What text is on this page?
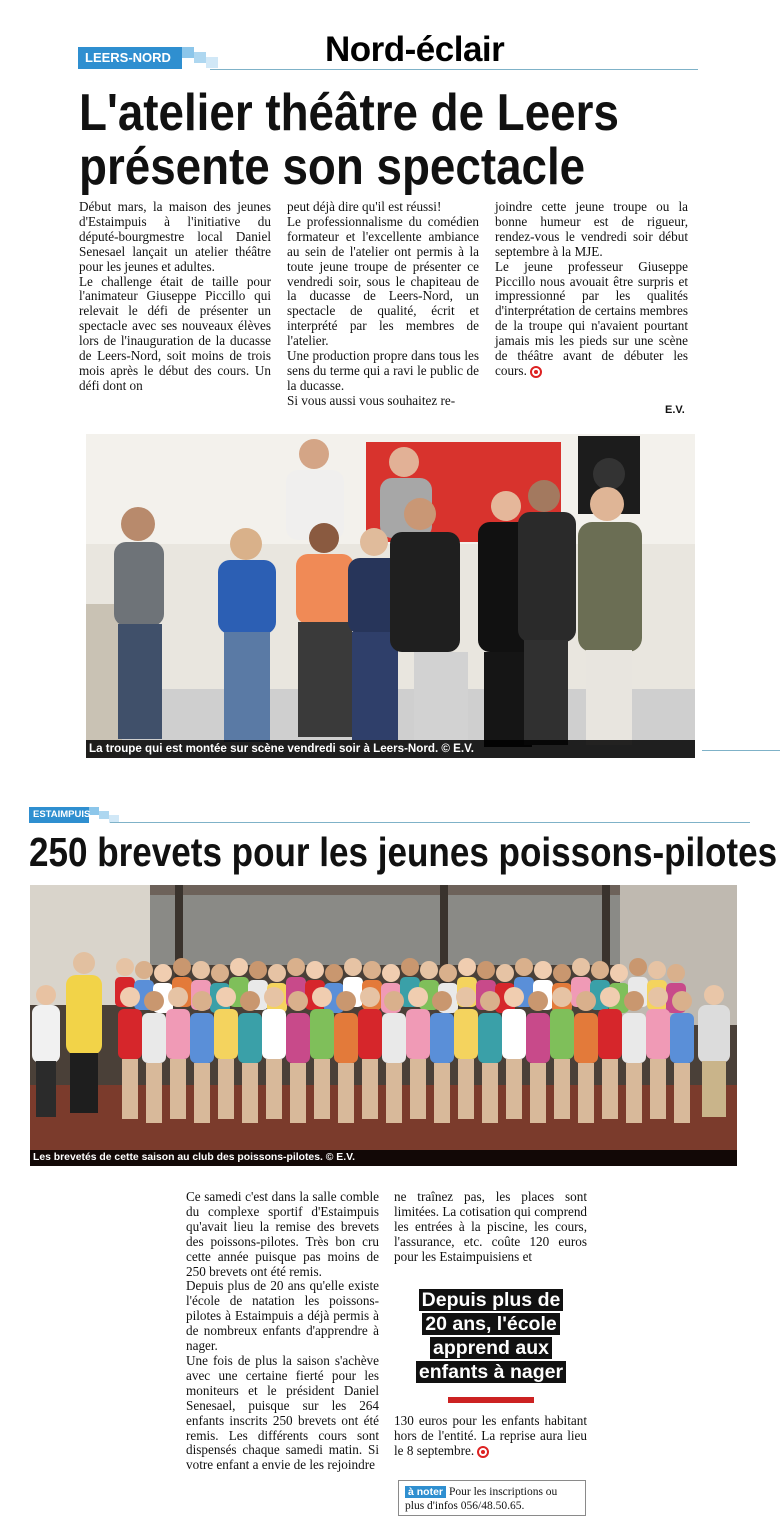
LEERS-NORD	Nord-éclair
L'atelier théâtre de Leers
présente son spectacle

Début mars, la maison des jeunes d'Estaimpuis à l'initiative du député-bourgmestre local Daniel Senesael lançait un atelier théâtre pour les jeunes et adultes.

Le challenge était de taille pour l'animateur Giuseppe Piccillo qui relevait le défi de présenter un spectacle avec ses nouveaux élèves lors de l'inauguration de la ducasse de Leers-Nord, soit moins de trois mois après le début des cours. Un défi dont on

peut déjà dire qu'il est réussi!

Le professionnalisme du comédien formateur et l'excellente ambiance au sein de l'atelier ont permis à la toute jeune troupe de présenter ce vendredi soir, sous le chapiteau de la ducasse de Leers-Nord, un spectacle de qualité, écrit et interprété par les membres de l'atelier.

Une production propre dans tous les sens du terme qui a ravi le public de la ducasse.

Si vous aussi vous souhaitez re-

joindre cette jeune troupe ou la bonne humeur est de rigueur, rendez-vous le vendredi soir début septembre à la MJE.

Le jeune professeur Giuseppe Piccillo nous avouait être surpris et impressionné par les qualités d'interprétation de certains membres de la troupe qui n'avaient pourtant jamais mis les pieds sur une scène de théâtre avant de débuter les cours.

E.V.
La troupe qui est montée sur scène vendredi soir à Leers-Nord. © E.V.
ESTAIMPUIS
250 brevets pour les jeunes poissons-pilotes
Les brevetés de cette saison au club des poissons-pilotes. © E.V.

Ce samedi c'est dans la salle comble du complexe sportif d'Estaimpuis qu'avait lieu la remise des brevets des poissons-pilotes. Très bon cru cette année puisque pas moins de 250 brevets ont été remis.

Depuis plus de 20 ans qu'elle existe l'école de natation les poissons-pilotes à Estaimpuis a déjà permis à de nombreux enfants d'apprendre à nager.

Une fois de plus la saison s'achève avec une certaine fierté pour les moniteurs et le président Daniel Senesael, puisque sur les 264 enfants inscrits 250 brevets ont été remis. Les différents cours sont dispensés chaque samedi matin. Si votre enfant a envie de les rejoindre

ne traînez pas, les places sont limitées. La cotisation qui comprend les entrées à la piscine, les cours, l'assurance, etc. coûte 120 euros pour les Estaimpuisiens et

Depuis plus de 20 ans, l'école apprend aux enfants à nager

130 euros pour les enfants habitant hors de l'entité. La reprise aura lieu le 8 septembre.

à noter Pour les inscriptions ou plus d'infos 056/48.50.65.
